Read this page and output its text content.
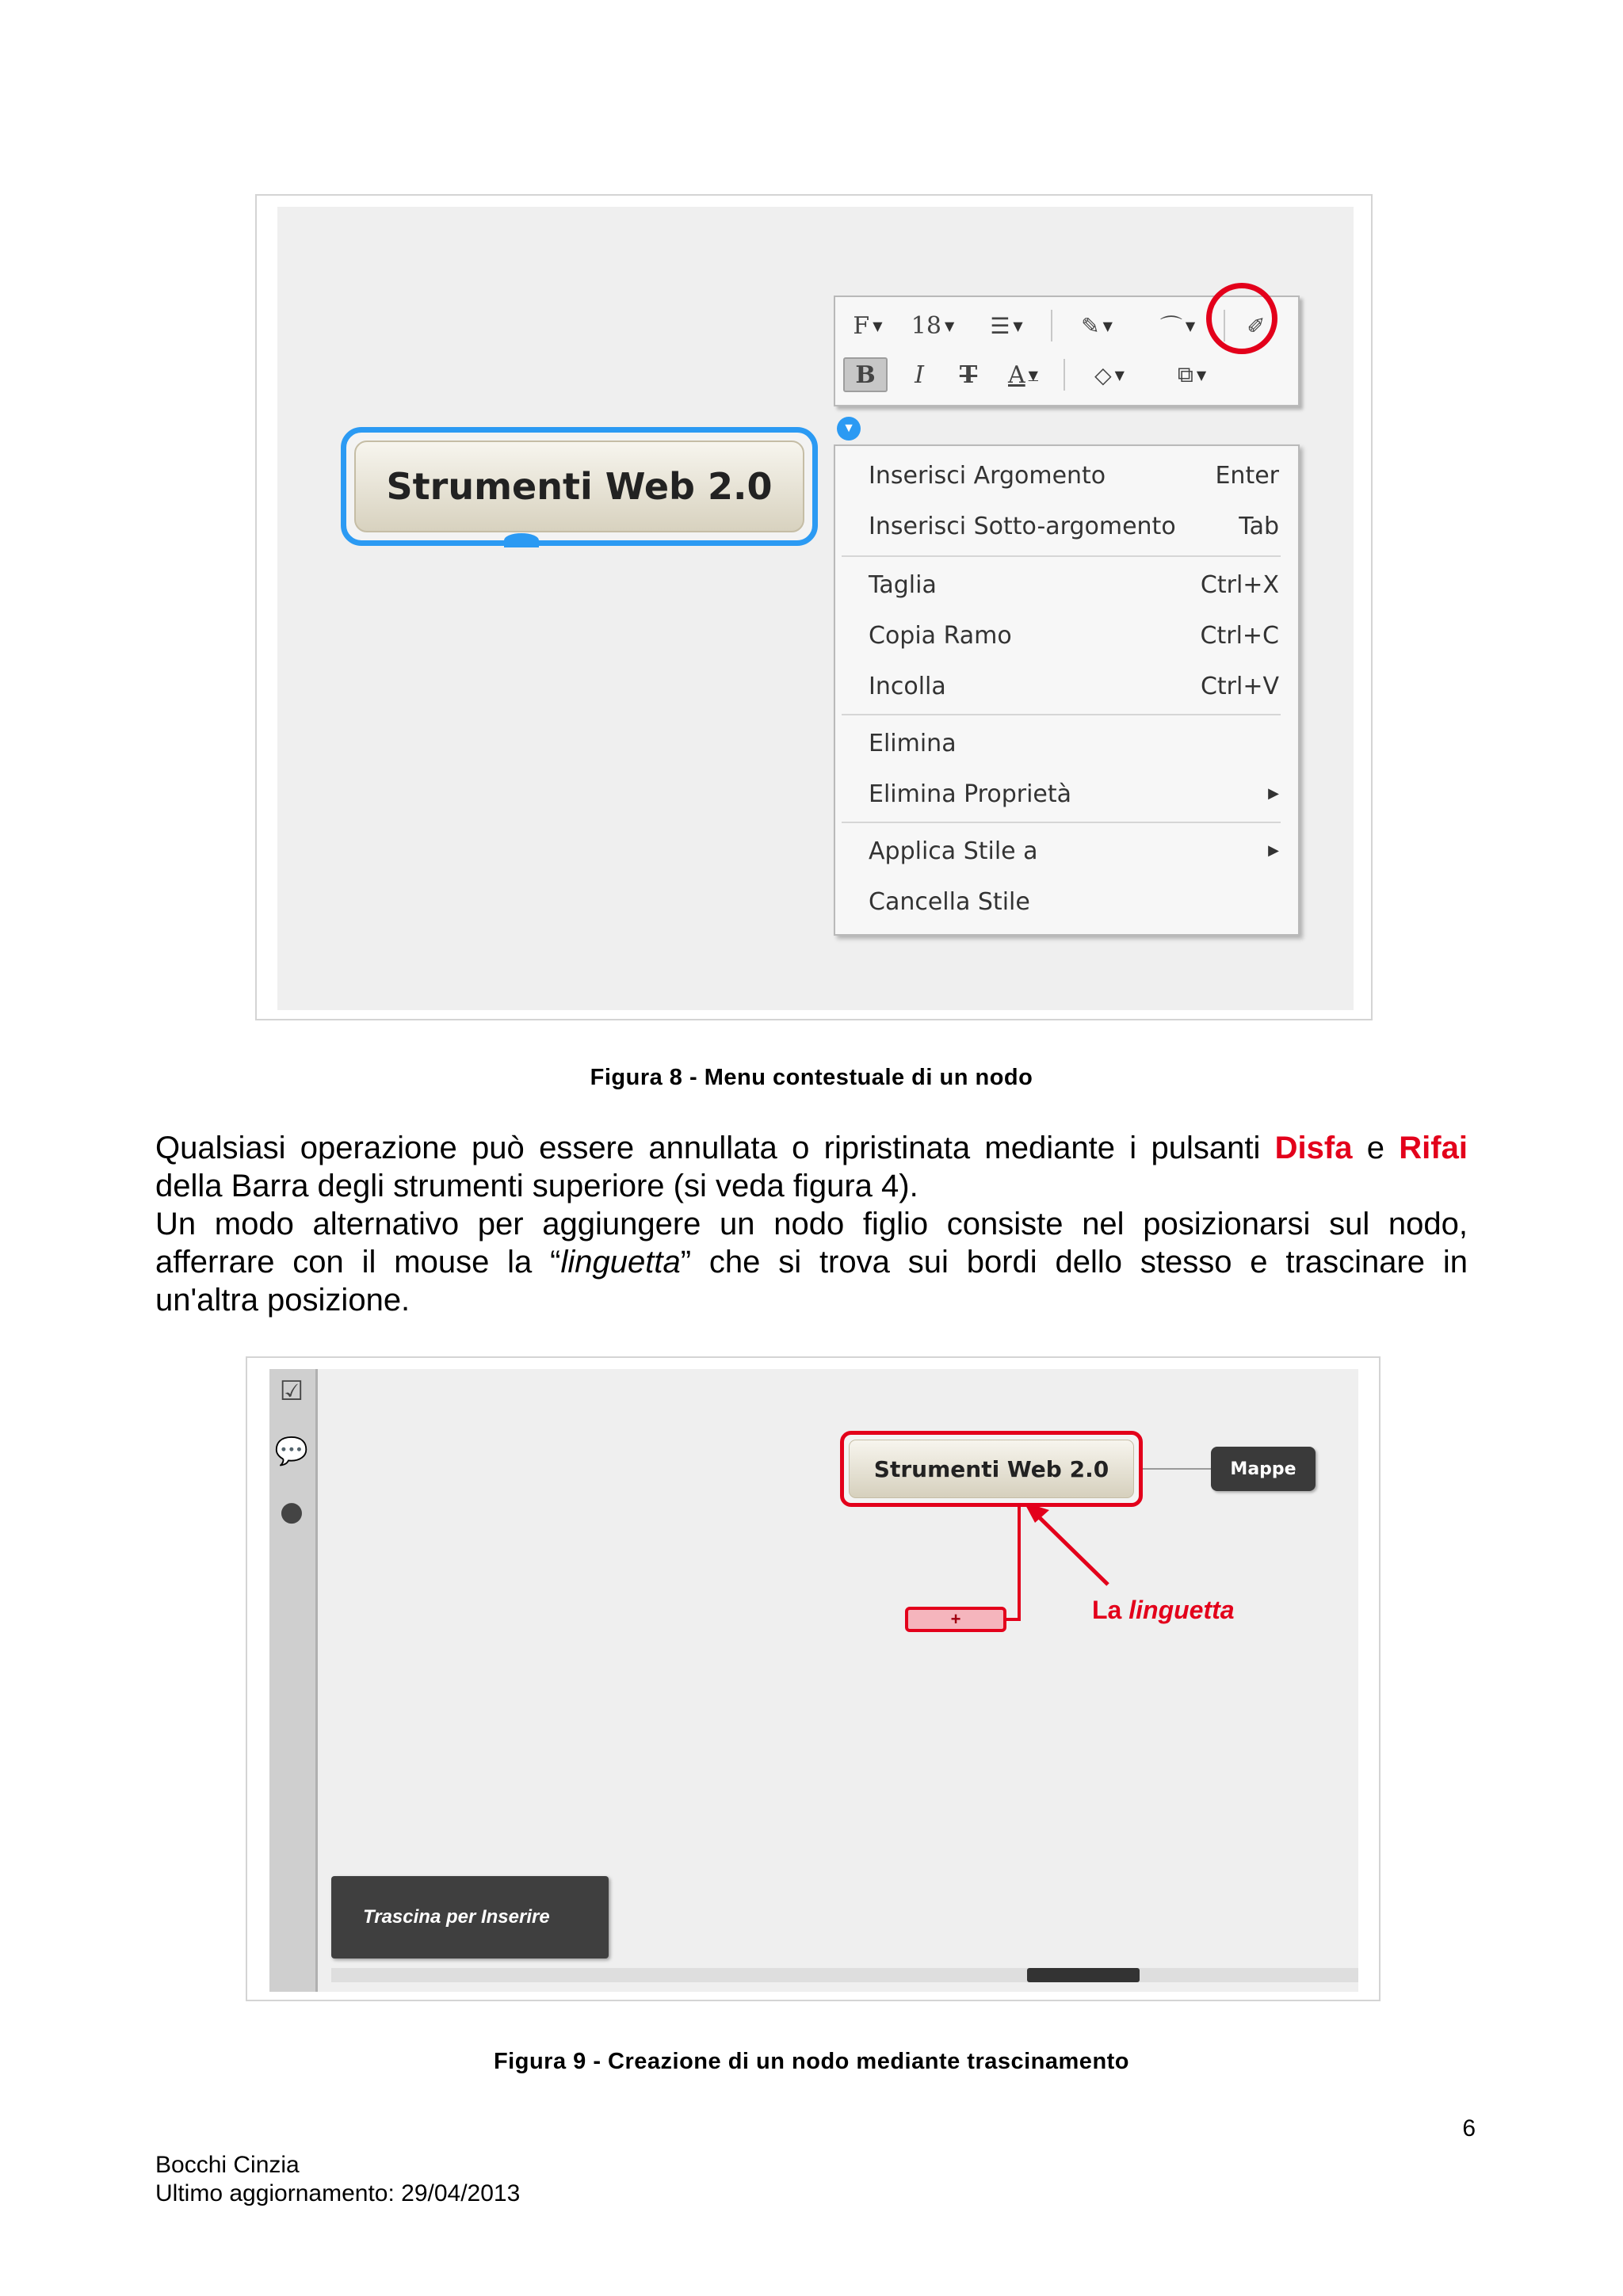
F ▼ 18 ▼ ☰ ▼	✎ ▼ ⌒ ▼ ✐
B I T A ▼	◇ ▼ ⧉ ▼
Strumenti Web 2.0
▼
Inserisci Argomento	Enter
Inserisci Sotto-argomento	Tab
Taglia	Ctrl+X
Copia Ramo	Ctrl+C
Incolla	Ctrl+V
Elimina
Elimina Proprietà	▶
Applica Stile a	▶
Cancella Stile
Figura 8 - Menu contestuale di un nodo
Qualsiasi operazione può essere annullata o ripristinata mediante i pulsanti Disfa e Rifai
della Barra degli strumenti superiore (si veda figura 4).
Un modo alternativo per aggiungere un nodo figlio consiste nel posizionarsi sul nodo,
afferrare con il mouse la “linguetta” che si trova sui bordi dello stesso e trascinare in
un'altra posizione.
☑
💬
●
Strumenti Web 2.0	Mappe
+	La linguetta
Trascina per Inserire
Figura 9 - Creazione di un nodo mediante trascinamento
6
Bocchi Cinzia
Ultimo aggiornamento: 29/04/2013
